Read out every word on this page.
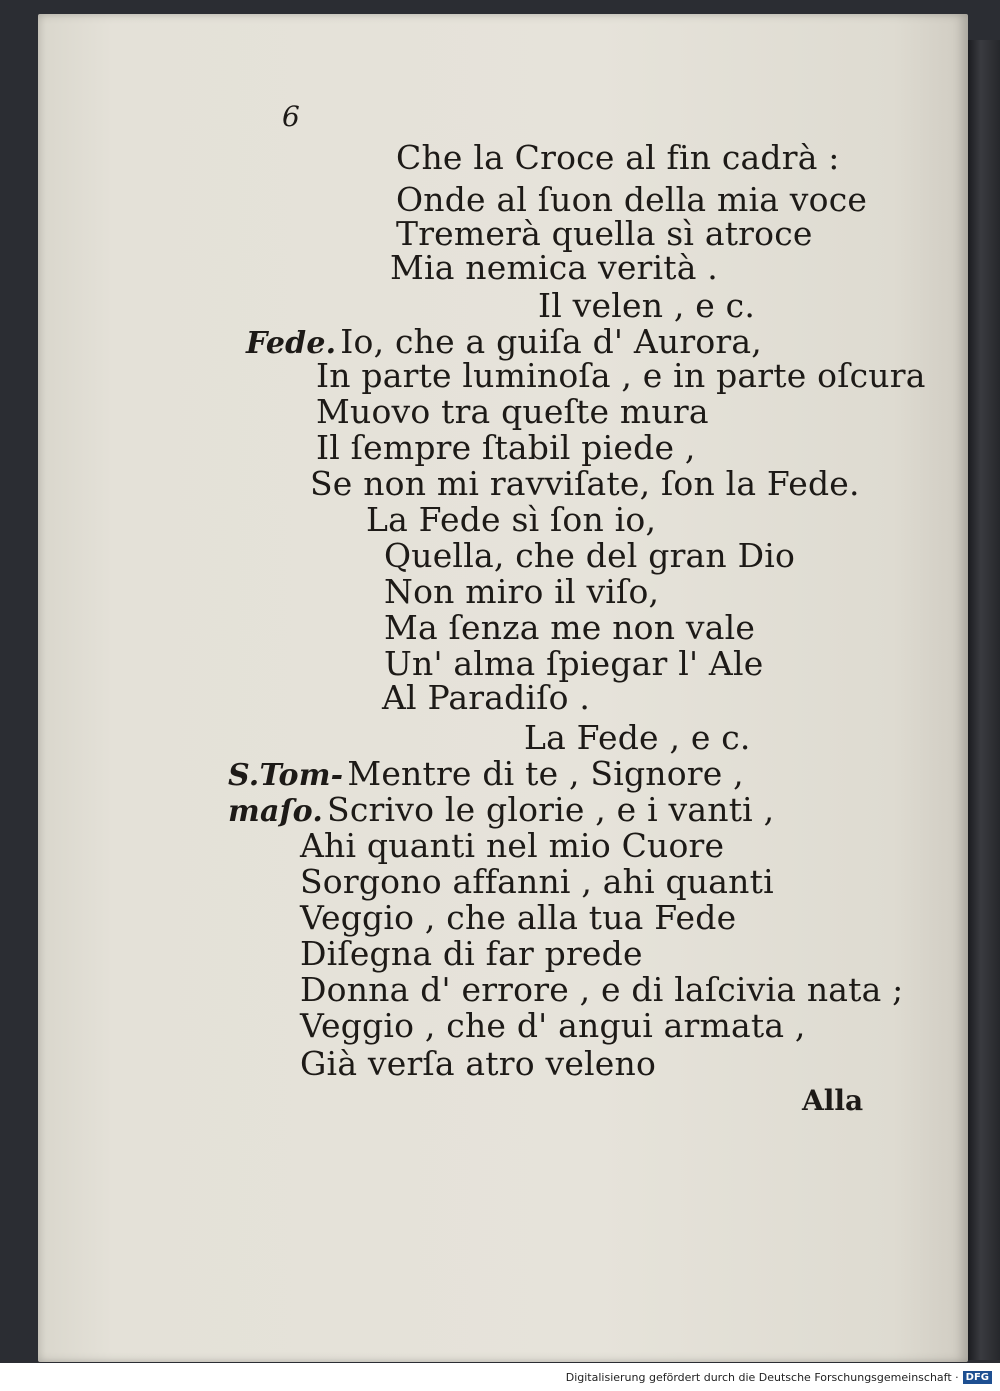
6
Che la Croce al fin cadrà :
Onde al ſuon della mia voce
Tremerà quella sì atroce
Mia nemica verità .
Il velen , e c.
Fede. Io, che a guiſa d' Aurora,
In parte luminoſa , e in parte oſcura
Muovo tra queſte mura
Il ſempre ſtabil piede ,
Se non mi ravviſate, ſon la Fede.
La Fede sì ſon io,
Quella, che del gran Dio
Non miro il viſo,
Ma ſenza me non vale
Un' alma ſpiegar l' Ale
Al Paradiſo .
La Fede , e c.
S.Tom- Mentre di te , Signore ,
maſo. Scrivo le glorie , e i vanti ,
Ahi quanti nel mio Cuore
Sorgono affanni , ahi quanti
Veggio , che alla tua Fede
Diſegna di far prede
Donna d' errore , e di laſcivia nata ;
Veggio , che d' angui armata ,
Già verſa atro veleno
Alla
Digitalisierung gefördert durch die Deutsche Forschungsgemeinschaft · DFG
